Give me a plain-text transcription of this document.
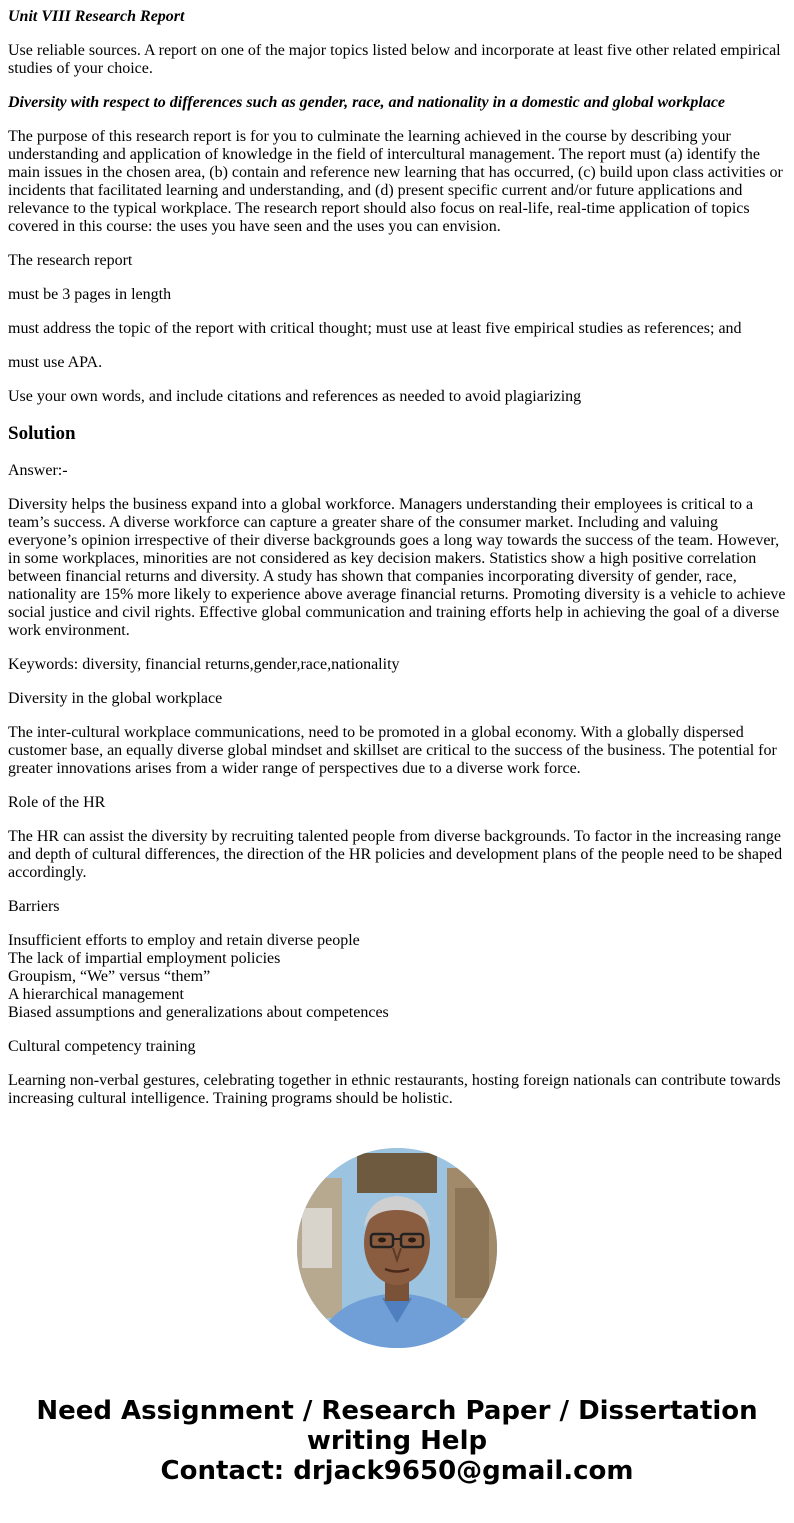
Unit VIII Research Report

Use reliable sources. A report on one of the major topics listed below and incorporate at least five other related empirical studies of your choice.

Diversity with respect to differences such as gender, race, and nationality in a domestic and global workplace

The purpose of this research report is for you to culminate the learning achieved in the course by describing your understanding and application of knowledge in the field of intercultural management. The report must (a) identify the main issues in the chosen area, (b) contain and reference new learning that has occurred, (c) build upon class activities or incidents that facilitated learning and understanding, and (d) present specific current and/or future applications and relevance to the typical workplace. The research report should also focus on real-life, real-time application of topics covered in this course: the uses you have seen and the uses you can envision.

The research report

must be 3 pages in length

must address the topic of the report with critical thought; must use at least five empirical studies as references; and

must use APA.

Use your own words, and include citations and references as needed to avoid plagiarizing

Solution

Answer:-

Diversity helps the business expand into a global workforce. Managers understanding their employees is critical to a team’s success. A diverse workforce can capture a greater share of the consumer market. Including and valuing everyone’s opinion irrespective of their diverse backgrounds goes a long way towards the success of the team. However, in some workplaces, minorities are not considered as key decision makers. Statistics show a high positive correlation between financial returns and diversity. A study has shown that companies incorporating diversity of gender, race, nationality are 15% more likely to experience above average financial returns. Promoting diversity is a vehicle to achieve social justice and civil rights. Effective global communication and training efforts help in achieving the goal of a diverse work environment.

Keywords: diversity, financial returns,gender,race,nationality

Diversity in the global workplace

The inter-cultural workplace communications, need to be promoted in a global economy. With a globally dispersed customer base, an equally diverse global mindset and skillset are critical to the success of the business. The potential for greater innovations arises from a wider range of perspectives due to a diverse work force.

Role of the HR

The HR can assist the diversity by recruiting talented people from diverse backgrounds. To factor in the increasing range and depth of cultural differences, the direction of the HR policies and development plans of the people need to be shaped accordingly.

Barriers

Insufficient efforts to employ and retain diverse people
The lack of impartial employment policies
Groupism, “We” versus “them”
A hierarchical management
Biased assumptions and generalizations about competences

Cultural competency training

Learning non-verbal gestures, celebrating together in ethnic restaurants, hosting foreign nationals can contribute towards increasing cultural intelligence. Training programs should be holistic.

Need Assignment / Research Paper / Dissertation
writing Help
Contact: drjack9650@gmail.com
